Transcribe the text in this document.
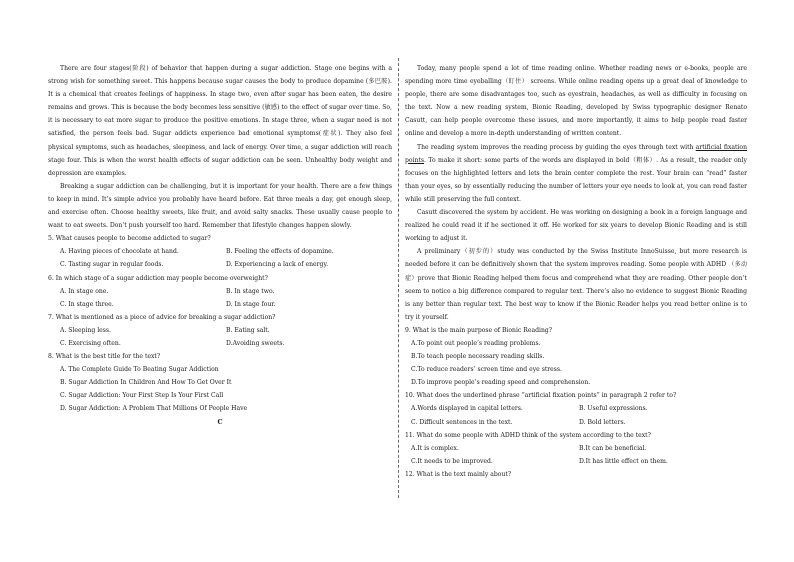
There are four stages(阶段) of behavior that happen during a sugar addiction. Stage one begins with a strong wish for something sweet. This happens because sugar causes the body to produce dopamine (多巴胺). It is a chemical that creates feelings of happiness. In stage two, even after sugar has been eaten, the desire remains and grows. This is because the body becomes less sensitive (敏感) to the effect of sugar over time. So, it is necessary to eat more sugar to produce the positive emotions. In stage three, when a sugar need is not satisfied, the person feels bad. Sugar addicts experience bad emotional symptoms(症状). They also feel physical symptoms, such as headaches, sleepiness, and lack of energy. Over time, a sugar addiction will reach stage four. This is when the worst health effects of sugar addiction can be seen. Unhealthy body weight and depression are examples.

Breaking a sugar addiction can be challenging, but it is important for your health. There are a few things to keep in mind. It’s simple advice you probably have heard before. Eat three meals a day, get enough sleep, and exercise often. Choose healthy sweets, like fruit, and avoid salty snacks. These usually cause people to want to eat sweets. Don’t push yourself too hard. Remember that lifestyle changes happen slowly.

5. What causes people to become addicted to sugar?

A. Having pieces of chocolate at hand.	B. Feeling the effects of dopamine.
C. Tasting sugar in regular foods.	D. Experiencing a lack of energy.

6. In which stage of a sugar addiction may people become overweight?

A. In stage one.	B. In stage two.
C. In stage three.	D. In stage four.

7. What is mentioned as a piece of advice for breaking a sugar addiction?

A. Sleeping less.	B. Eating salt.
C. Exercising often.	D.Avoiding sweets.

8. What is the best title for the text?

A. The Complete Guide To Beating Sugar Addiction
B. Sugar Addiction In Children And How To Get Over It
C. Sugar Addiction: Your First Step Is Your First Call
D. Sugar Addiction: A Problem That Millions Of People Have
C

Today, many people spend a lot of time reading online. Whether reading news or e-books, people are spending more time eyeballing（盯住） screens. While online reading opens up a great deal of knowledge to people, there are some disadvantages too, such as eyestrain, headaches, as well as difficulty in focusing on the text. Now a new reading system, Bionic Reading, developed by Swiss typographic designer Renato Casutt, can help people overcome these issues, and more importantly, it aims to help people read faster online and develop a more in-depth understanding of written content.

The reading system improves the reading process by guiding the eyes through text with artificial fixation points. To make it short: some parts of the words are displayed in bold（粗体）. As a result, the reader only focuses on the highlighted letters and lets the brain center complete the rest. Your brain can “read” faster than your eyes, so by essentially reducing the number of letters your eye needs to look at, you can read faster while still preserving the full context.

Casutt discovered the system by accident. He was working on designing a book in a foreign language and realized he could read it if he sectioned it off. He worked for six years to develop Bionic Reading and is still working to adjust it.

A preliminary（初步的）study was conducted by the Swiss Institute InnoSuisse, but more research is needed before it can be definitively shown that the system improves reading. Some people with ADHD （多动症）prove that Bionic Reading helped them focus and comprehend what they are reading. Other people don’t seem to notice a big difference compared to regular text. There’s also no evidence to suggest Bionic Reading is any better than regular text. The best way to know if the Bionic Reader helps you read better online is to try it yourself.

9. What is the main purpose of Bionic Reading?

A.To point out people’s reading problems.
B.To teach people necessary reading skills.
C.To reduce readers’ screen time and eye stress.
D.To improve people’s reading speed and comprehension.

10. What does the underlined phrase “artificial fixation points” in paragraph 2 refer to?

A.Words displayed in capital letters.	B. Useful expressions.
C. Difficult sentences in the text.	D. Bold letters.

11. What do some people with ADHD think of the system according to the text?

A.It is complex.	B.It can be beneficial.
C.It needs to be improved.	D.It has little effect on them.

12. What is the text mainly about?
